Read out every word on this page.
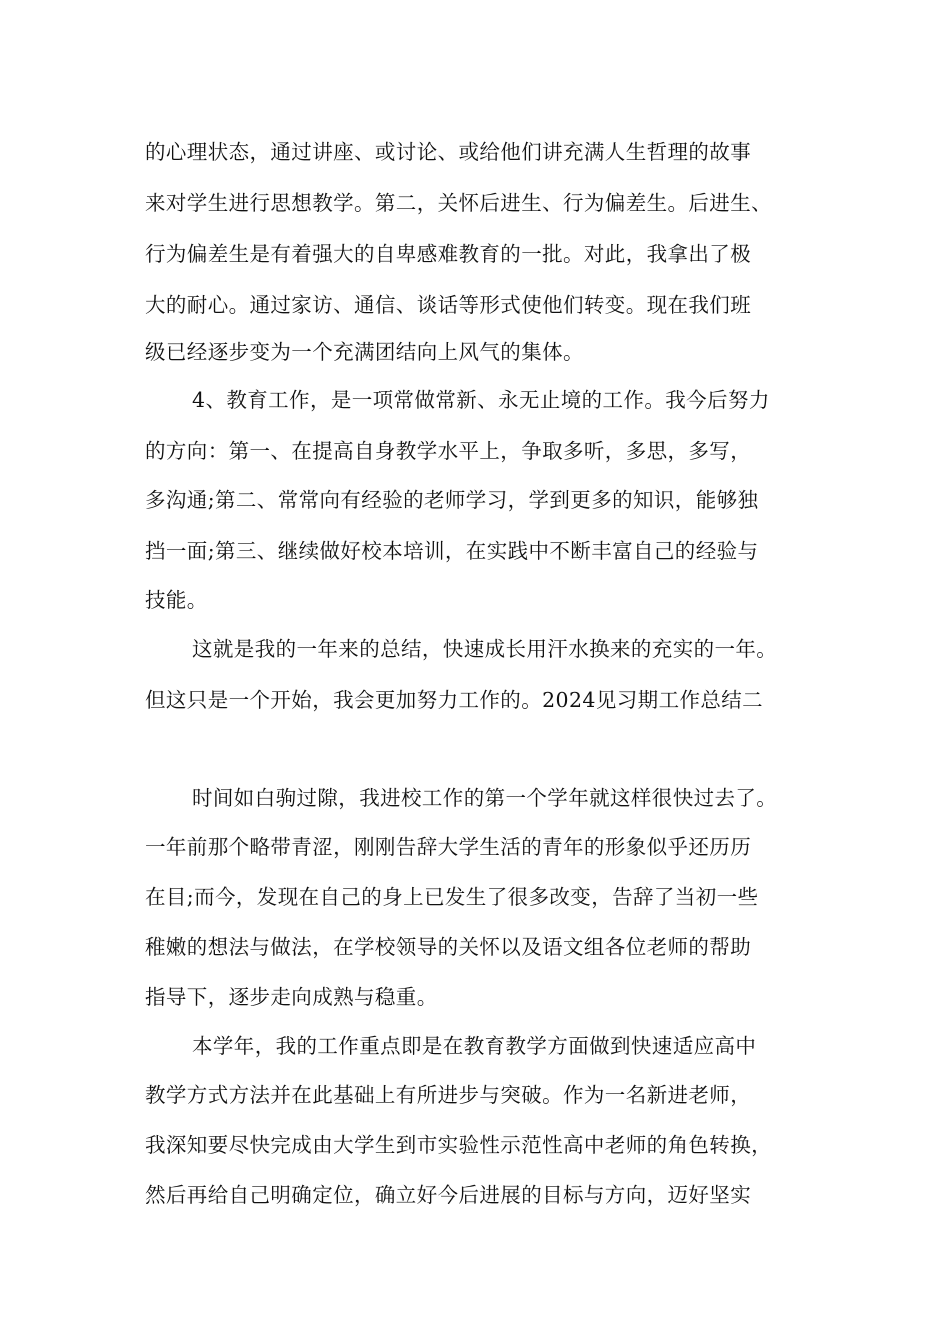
的心理状态，通过讲座、或讨论、或给他们讲充满人生哲理的故事
来对学生进行思想教学。第二，关怀后进生、行为偏差生。后进生、
行为偏差生是有着强大的自卑感难教育的一批。对此，我拿出了极
大的耐心。通过家访、通信、谈话等形式使他们转变。现在我们班
级已经逐步变为一个充满团结向上风气的集体。
4、教育工作，是一项常做常新、永无止境的工作。我今后努力
的方向：第一、在提高自身教学水平上，争取多听，多思，多写，
多沟通;第二、常常向有经验的老师学习，学到更多的知识，能够独
挡一面;第三、继续做好校本培训，在实践中不断丰富自己的经验与
技能。
这就是我的一年来的总结，快速成长用汗水换来的充实的一年。
但这只是一个开始，我会更加努力工作的。2024见习期工作总结二
时间如白驹过隙，我进校工作的第一个学年就这样很快过去了。
一年前那个略带青涩，刚刚告辞大学生活的青年的形象似乎还历历
在目;而今，发现在自己的身上已发生了很多改变，告辞了当初一些
稚嫩的想法与做法，在学校领导的关怀以及语文组各位老师的帮助
指导下，逐步走向成熟与稳重。
本学年，我的工作重点即是在教育教学方面做到快速适应高中
教学方式方法并在此基础上有所进步与突破。作为一名新进老师，
我深知要尽快完成由大学生到市实验性示范性高中老师的角色转换，
然后再给自己明确定位，确立好今后进展的目标与方向，迈好坚实
